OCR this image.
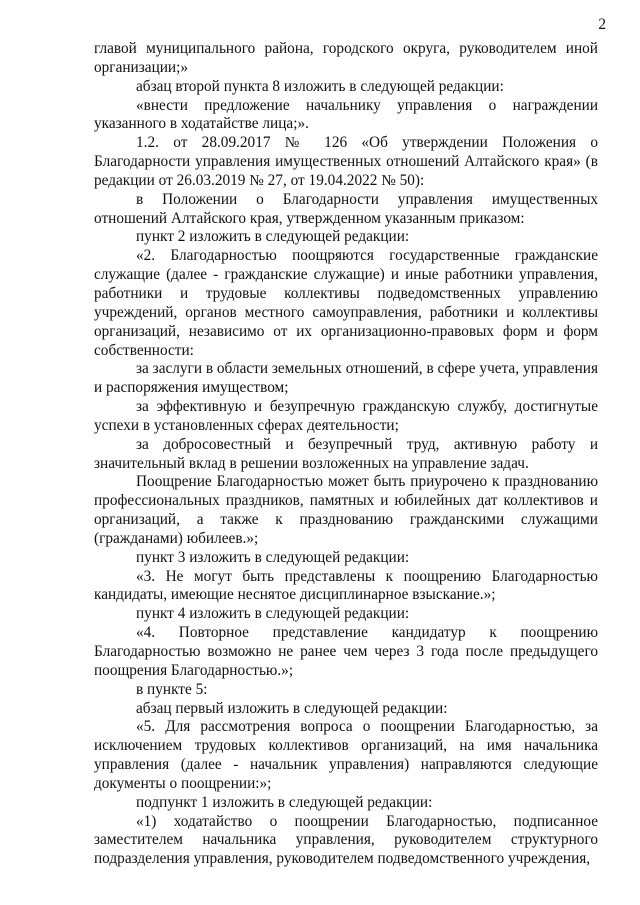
2

главой муниципального района, городского округа, руководителем иной организации;»

абзац второй пункта 8 изложить в следующей редакции:

«внести предложение начальнику управления о награждении указанного в ходатайстве лица;».

1.2. от 28.09.2017 № 126 «Об утверждении Положения о Благодарности управления имущественных отношений Алтайского края» (в редакции от 26.03.2019 № 27, от 19.04.2022 № 50):

в Положении о Благодарности управления имущественных отношений Алтайского края, утвержденном указанным приказом:

пункт 2 изложить в следующей редакции:

«2. Благодарностью поощряются государственные гражданские служащие (далее - гражданские служащие) и иные работники управления, работники и трудовые коллективы подведомственных управлению учреждений, органов местного самоуправления, работники и коллективы организаций, независимо от их организационно-правовых форм и форм собственности:

за заслуги в области земельных отношений, в сфере учета, управления и распоряжения имуществом;

за эффективную и безупречную гражданскую службу, достигнутые успехи в установленных сферах деятельности;

за добросовестный и безупречный труд, активную работу и значительный вклад в решении возложенных на управление задач.

Поощрение Благодарностью может быть приурочено к празднованию профессиональных праздников, памятных и юбилейных дат коллективов и организаций, а также к празднованию гражданскими служащими (гражданами) юбилеев.»;

пункт 3 изложить в следующей редакции:

«3. Не могут быть представлены к поощрению Благодарностью кандидаты, имеющие неснятое дисциплинарное взыскание.»;

пункт 4 изложить в следующей редакции:

«4. Повторное представление кандидатур к поощрению Благодарностью возможно не ранее чем через 3 года после предыдущего поощрения Благодарностью.»;

в пункте 5:

абзац первый изложить в следующей редакции:

«5. Для рассмотрения вопроса о поощрении Благодарностью, за исключением трудовых коллективов организаций, на имя начальника управления (далее - начальник управления) направляются следующие документы о поощрении:»;

подпункт 1 изложить в следующей редакции:

«1) ходатайство о поощрении Благодарностью, подписанное заместителем начальника управления, руководителем структурного подразделения управления, руководителем подведомственного учреждения,
